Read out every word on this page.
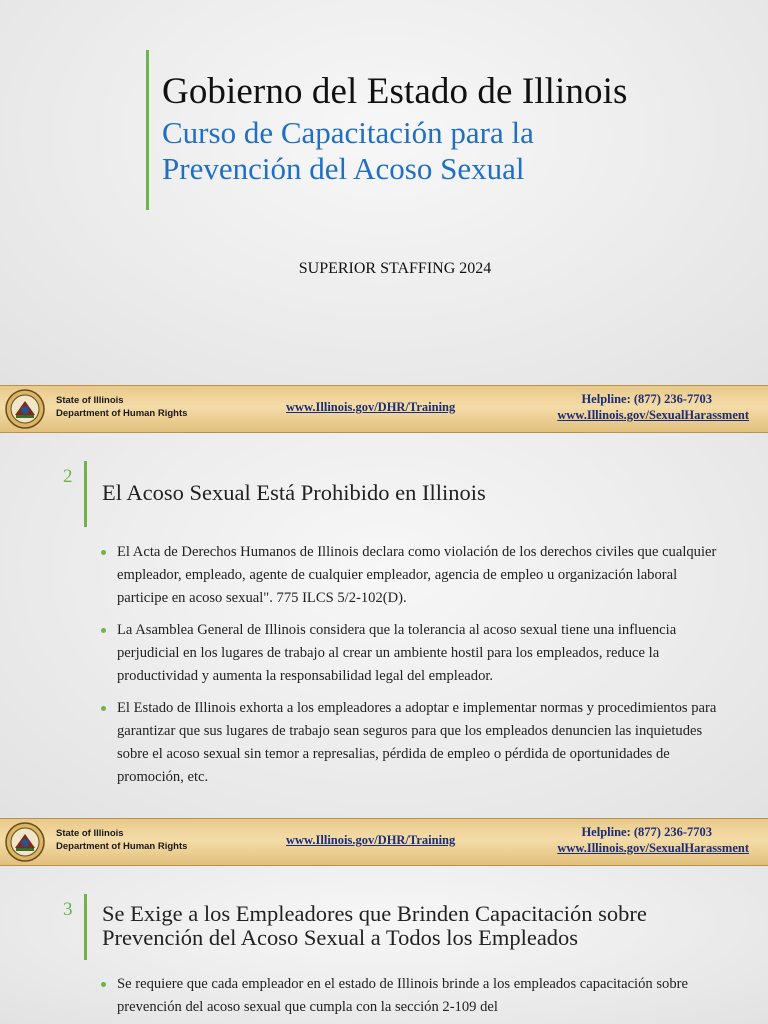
Gobierno del Estado de Illinois
Curso de Capacitación para la
Prevención del Acoso Sexual
SUPERIOR STAFFING 2024
State of Illinois
Department of Human Rights	www.Illinois.gov/DHR/Training
Helpline: (877) 236-7703
www.Illinois.gov/SexualHarassment
2
El Acoso Sexual Está Prohibido en Illinois
El Acta de Derechos Humanos de Illinois declara como violación de los derechos civiles que cualquier empleador, empleado, agente de cualquier empleador, agencia de empleo u organización laboral participe en acoso sexual". 775 ILCS 5/2-102(D).
La Asamblea General de Illinois considera que la tolerancia al acoso sexual tiene una influencia perjudicial en los lugares de trabajo al crear un ambiente hostil para los empleados, reduce la productividad y aumenta la responsabilidad legal del empleador.
El Estado de Illinois exhorta a los empleadores a adoptar e implementar normas y procedimientos para garantizar que sus lugares de trabajo sean seguros para que los empleados denuncien las inquietudes sobre el acoso sexual sin temor a represalias, pérdida de empleo o pérdida de oportunidades de promoción, etc.
State of Illinois
Department of Human Rights	www.Illinois.gov/DHR/Training
Helpline: (877) 236-7703
www.Illinois.gov/SexualHarassment
3 Se Exige a los Empleadores que Brinden Capacitación sobre
Prevención del Acoso Sexual a Todos los Empleados
Se requiere que cada empleador en el estado de Illinois brinde a los empleados capacitación sobre prevención del acoso sexual que cumpla con la sección 2-109 del
